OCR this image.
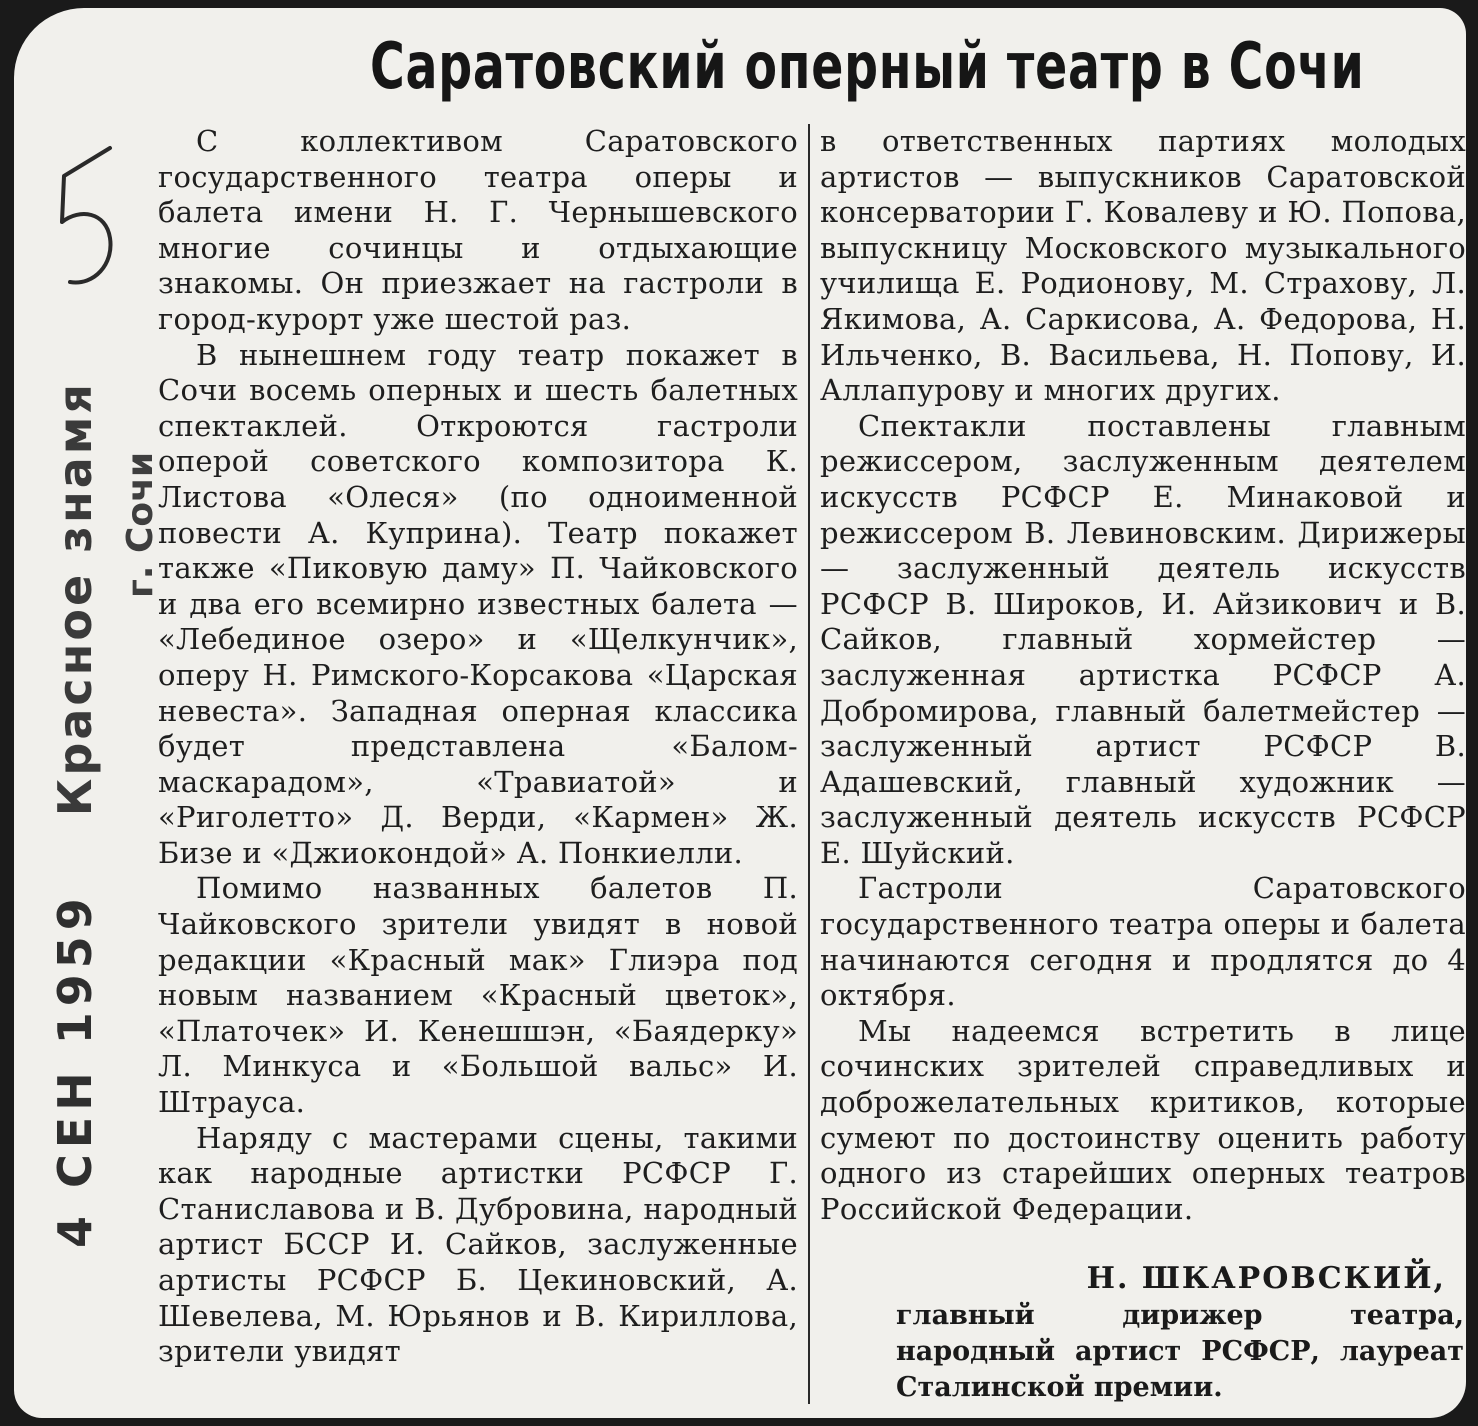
4 СЕН 1959    Красное знамя г. Сочи
Саратовский оперный театр в Сочи

С коллективом Саратовского государственного театра оперы и балета имени Н. Г. Чернышевского многие сочинцы и отдыхающие знакомы. Он приезжает на гастроли в город-курорт уже шестой раз.

В нынешнем году театр покажет в Сочи восемь оперных и шесть балетных спектаклей. Откроются гастроли оперой советского композитора К. Листова «Олеся» (по одноименной повести А. Куприна). Театр покажет также «Пиковую даму» П. Чайковского и два его всемирно известных балета — «Лебединое озеро» и «Щелкунчик», оперу Н. Римского-Корсакова «Царская невеста». Западная оперная классика будет представлена «Балом-маскарадом», «Травиатой» и «Риголетто» Д. Верди, «Кармен» Ж. Бизе и «Джиокондой» А. Понкиелли.

Помимо названных балетов П. Чайковского зрители увидят в новой редакции «Красный мак» Глиэра под новым названием «Красный цветок», «Платочек» И. Кенешшэн, «Баядерку» Л. Минкуса и «Большой вальс» И. Штрауса.

Наряду с мастерами сцены, такими как народные артистки РСФСР Г. Станиславова и В. Дубровина, народный артист БССР И. Сайков, заслуженные артисты РСФСР Б. Цекиновский, А. Шевелева, М. Юрьянов и В. Кириллова, зрители увидят

в ответственных партиях молодых артистов — выпускников Саратовской консерватории Г. Ковалеву и Ю. Попова, выпускницу Московского музыкального училища Е. Родионову, М. Страхову, Л. Якимова, А. Саркисова, А. Федорова, Н. Ильченко, В. Васильева, Н. Попову, И. Аллапурову и многих других.

Спектакли поставлены главным режиссером, заслуженным деятелем искусств РСФСР Е. Минаковой и режиссером В. Левиновским. Дирижеры — заслуженный деятель искусств РСФСР В. Широков, И. Айзикович и В. Сайков, главный хормейстер — заслуженная артистка РСФСР А. Добромирова, главный балетмейстер — заслуженный артист РСФСР В. Адашевский, главный художник — заслуженный деятель искусств РСФСР Е. Шуйский.

Гастроли Саратовского государственного театра оперы и балета начинаются сегодня и продлятся до 4 октября.

Мы надеемся встретить в лице сочинских зрителей справедливых и доброжелательных критиков, которые сумеют по достоинству оценить работу одного из старейших оперных театров Российской Федерации.

Н. ШКАРОВСКИЙ,
главный дирижер театра, народный артист РСФСР, лауреат Сталинской премии.
